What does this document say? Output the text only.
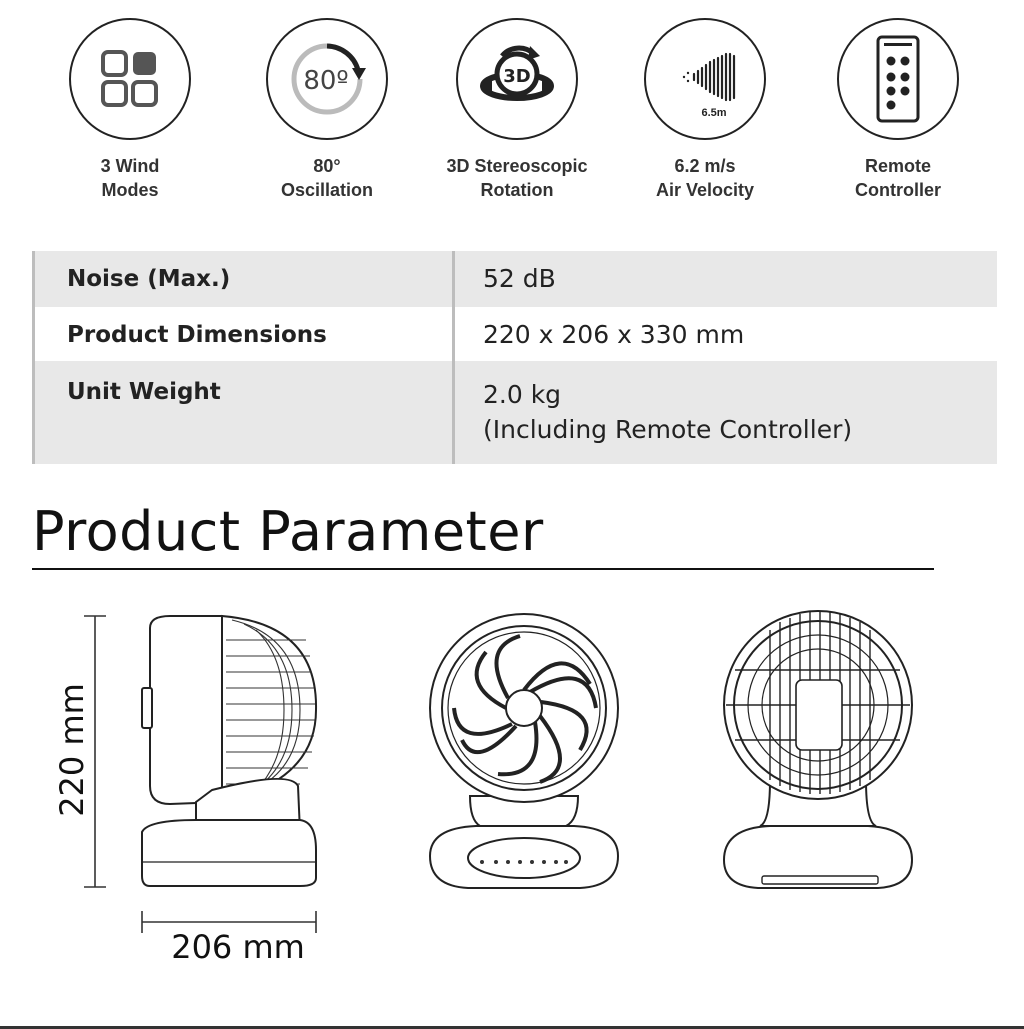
3 Wind
Modes
80º
80°
Oscillation
3D
3D Stereoscopic
Rotation
6.5m
6.2 m/s
Air Velocity
Remote
Controller
Noise (Max.)	52 dB
Product Dimensions	220 x 206 x 330 mm
Unit Weight	2.0 kg
(Including Remote Controller)
Product Parameter
220 mm
206 mm
